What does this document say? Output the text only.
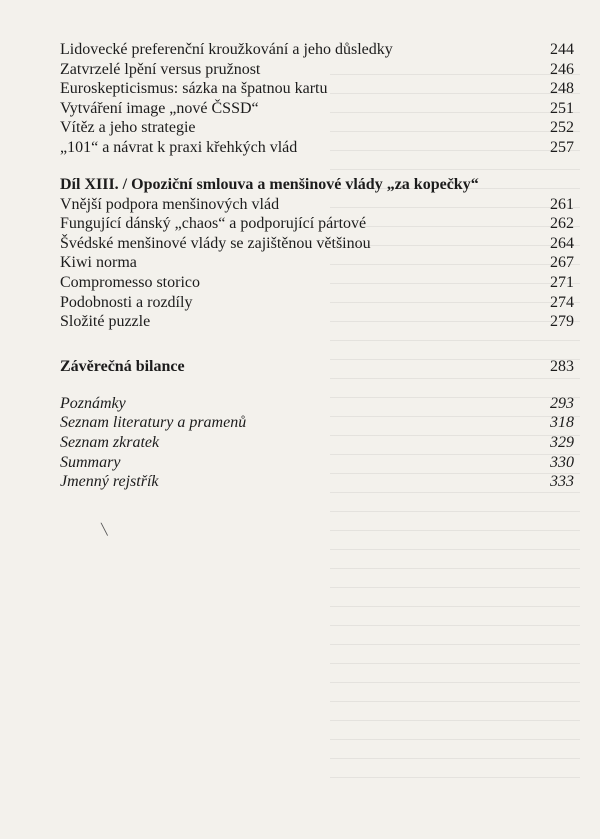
Lidovecké preferenční kroužkování a jeho důsledky	244
Zatvrzelé lpění versus pružnost	246
Euroskepticismus: sázka na špatnou kartu	248
Vytváření image „nové ČSSD“	251
Vítěz a jeho strategie	252
„101“ a návrat k praxi křehkých vlád	257
Díl XIII. / Opoziční smlouva a menšinové vlády „za kopečky“
Vnější podpora menšinových vlád	261
Fungující dánský „chaos“ a podporující pártové	262
Švédské menšinové vlády se zajištěnou většinou	264
Kiwi norma	267
Compromesso storico	271
Podobnosti a rozdíly	274
Složité puzzle	279
Závěrečná bilance	283
Poznámky	293
Seznam literatury a pramenů	318
Seznam zkratek	329
Summary	330
Jmenný rejstřík	333
╲
